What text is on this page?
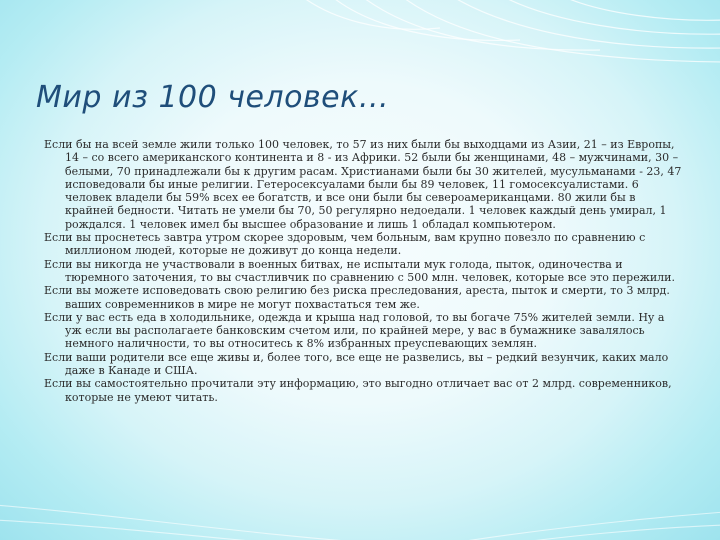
Мир из 100 человек…

Если бы на всей земле жили только 100 человек, то 57 из них были бы выходцами из Азии, 21 – из Европы, 14 – со всего американского континента и 8 - из Африки. 52 были бы женщинами, 48 – мужчинами, 30 – белыми, 70 принадлежали бы к другим расам. Христианами были бы 30 жителей, мусульманами - 23, 47 исповедовали бы иные религии. Гетеросексуалами были бы 89 человек, 11 гомосексуалистами. 6 человек владели бы 59% всех ее богатств, и все они были бы североамериканцами. 80 жили бы в крайней бедности. Читать не умели бы 70, 50 регулярно недоедали. 1 человек каждый день умирал, 1 рождался. 1 человек имел бы высшее образование и лишь 1 обладал компьютером.

Если вы проснетесь завтра утром скорее здоровым, чем больным, вам крупно повезло по сравнению с миллионом людей, которые не доживут до конца недели.

Если вы никогда не участвовали в военных битвах, не испытали мук голода, пыток, одиночества и тюремного заточения, то вы счастливчик по сравнению с 500 млн. человек, которые все это пережили.

Если вы можете исповедовать свою религию без риска преследования, ареста, пыток и смерти, то 3 млрд. ваших современников в мире не могут похвастаться тем же.

Если у вас есть еда в холодильнике, одежда и крыша над головой, то вы богаче 75% жителей земли. Ну а уж если вы располагаете банковским счетом или, по крайней мере, у вас в бумажнике завалялось немного наличности, то вы относитесь к 8% избранных преуспевающих землян.

Если ваши родители все еще живы и, более того, все еще не развелись, вы – редкий везунчик, каких мало даже в Канаде и США.

Если вы самостоятельно прочитали эту информацию, это выгодно отличает вас от 2 млрд. современников, которые не умеют читать.
